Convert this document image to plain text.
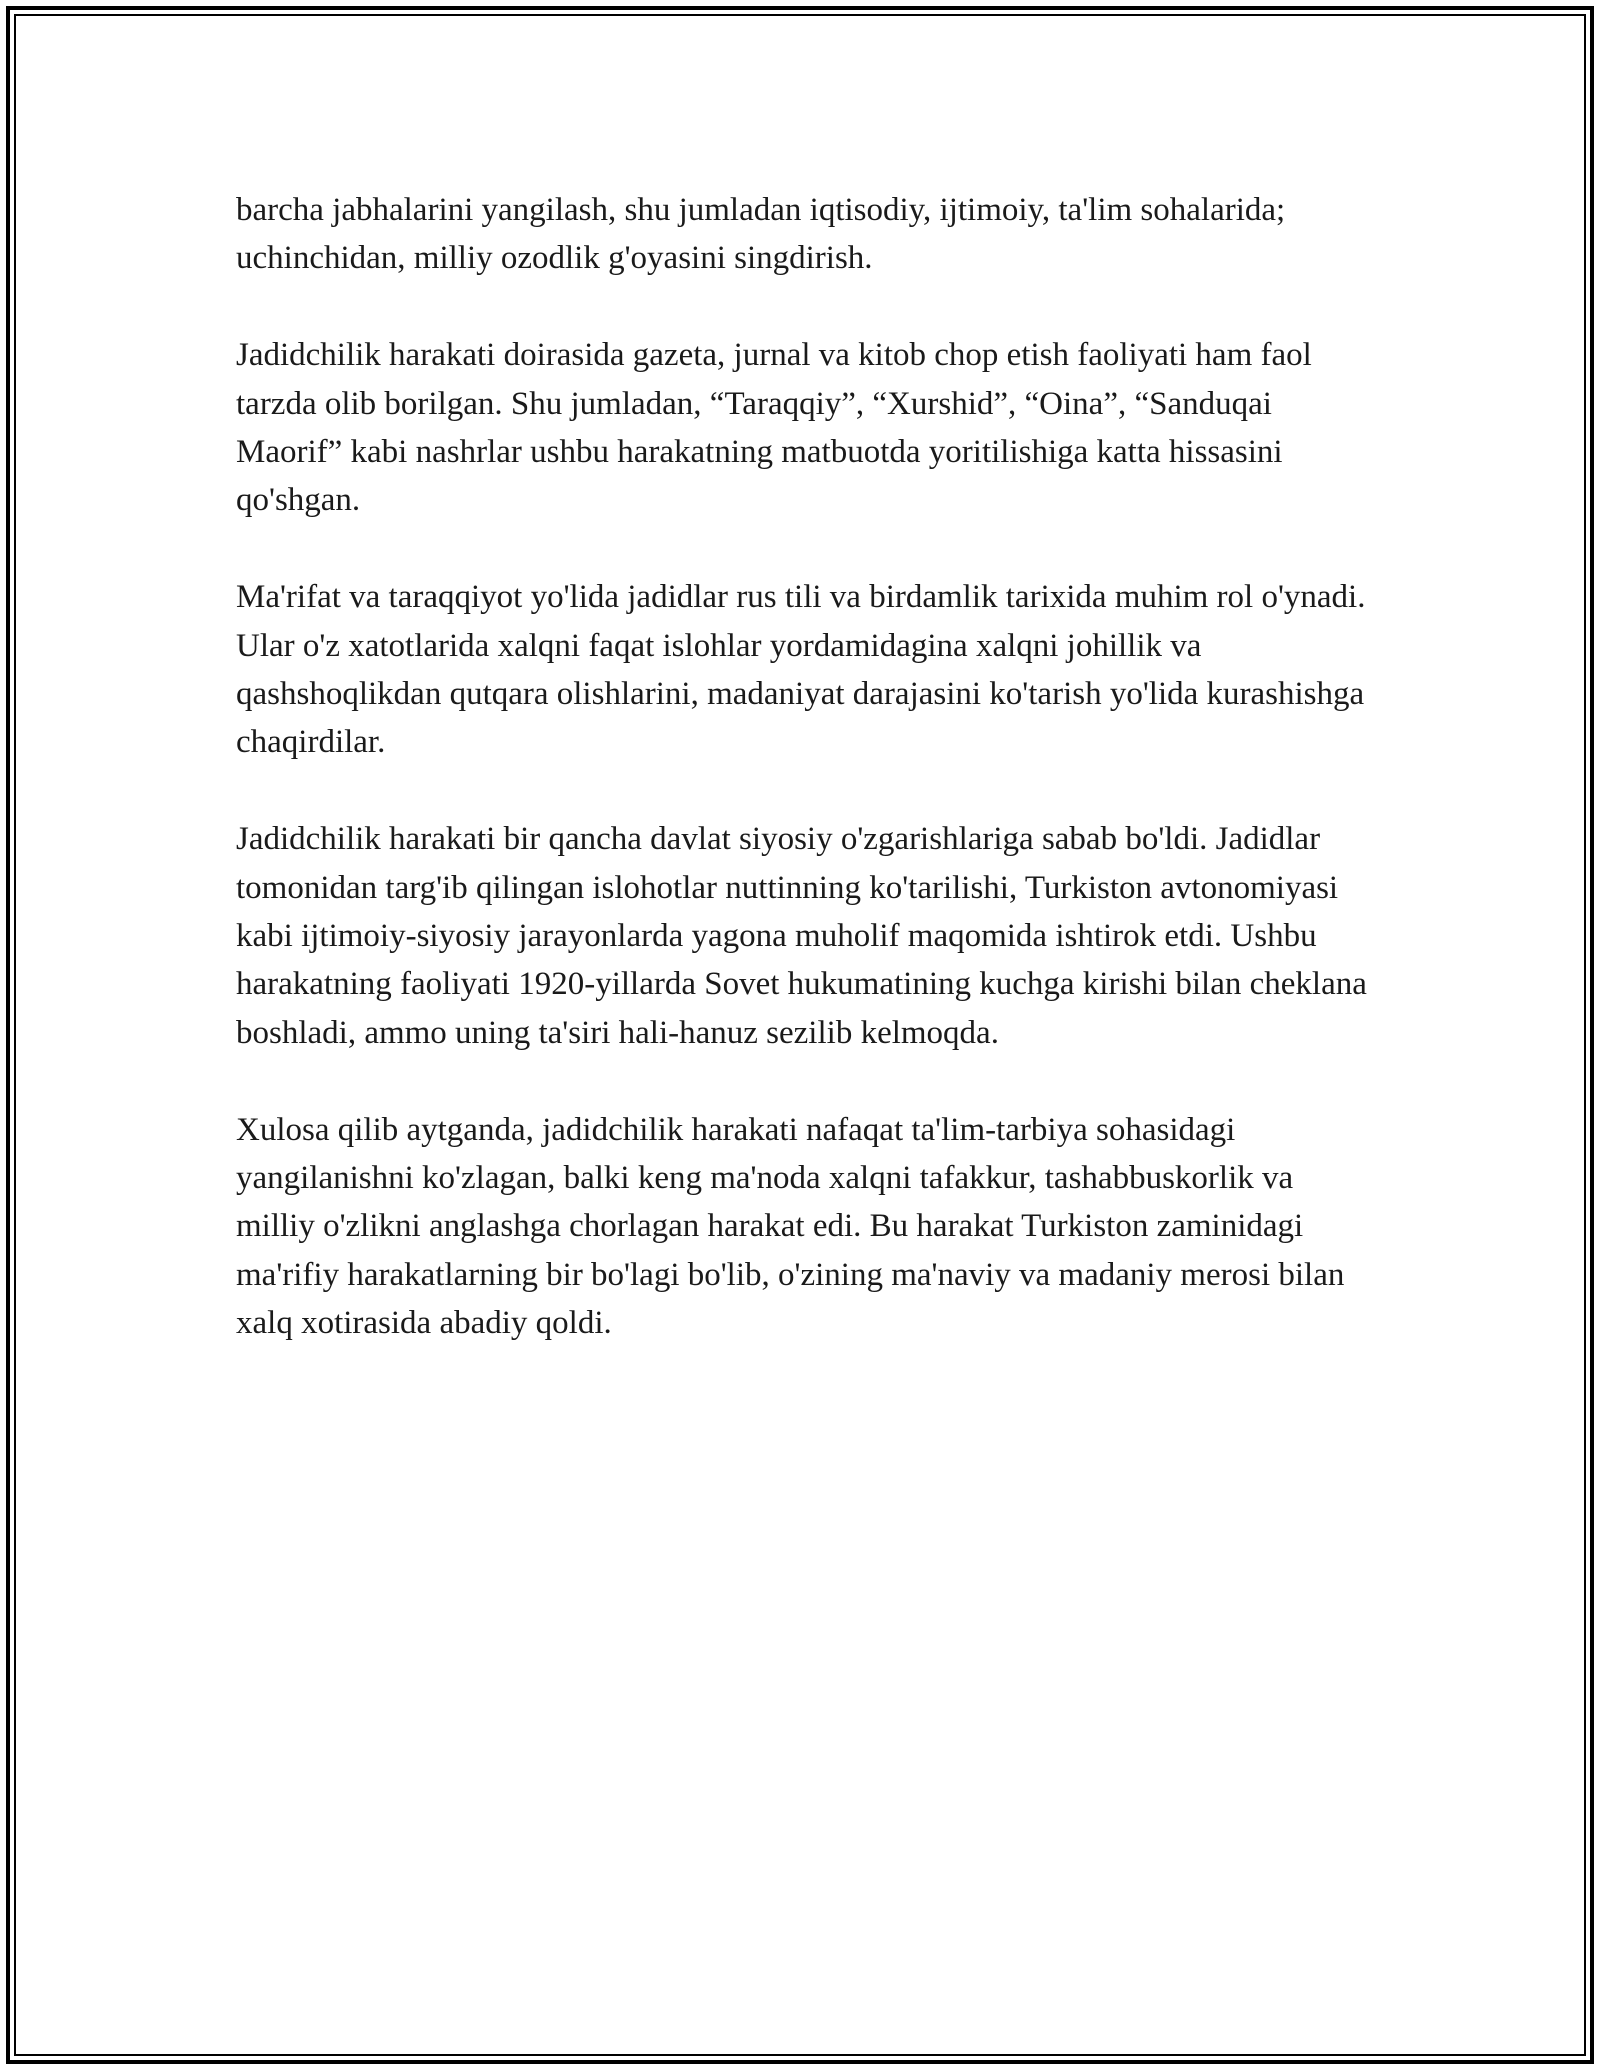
barcha jabhalarini yangilash, shu jumladan iqtisodiy, ijtimoiy, ta'lim sohalarida; uchinchidan, milliy ozodlik g'oyasini singdirish.

Jadidchilik harakati doirasida gazeta, jurnal va kitob chop etish faoliyati ham faol tarzda olib borilgan. Shu jumladan, “Taraqqiy”, “Xurshid”, “Oina”, “Sanduqai Maorif” kabi nashrlar ushbu harakatning matbuotda yoritilishiga katta hissasini qo'shgan.

Ma'rifat va taraqqiyot yo'lida jadidlar rus tili va birdamlik tarixida muhim rol o'ynadi. Ular o'z xatotlarida xalqni faqat islohlar yordamidagina xalqni johillik va qashshoqlikdan qutqara olishlarini, madaniyat darajasini ko'tarish yo'lida kurashishga chaqirdilar.

Jadidchilik harakati bir qancha davlat siyosiy o'zgarishlariga sabab bo'ldi. Jadidlar tomonidan targ'ib qilingan islohotlar nuttinning ko'tarilishi, Turkiston avtonomiyasi kabi ijtimoiy-siyosiy jarayonlarda yagona muholif maqomida ishtirok etdi. Ushbu harakatning faoliyati 1920-yillarda Sovet hukumatining kuchga kirishi bilan cheklana boshladi, ammo uning ta'siri hali-hanuz sezilib kelmoqda.

Xulosa qilib aytganda, jadidchilik harakati nafaqat ta'lim-tarbiya sohasidagi yangilanishni ko'zlagan, balki keng ma'noda xalqni tafakkur, tashabbuskorlik va milliy o'zlikni anglashga chorlagan harakat edi. Bu harakat Turkiston zaminidagi ma'rifiy harakatlarning bir bo'lagi bo'lib, o'zining ma'naviy va madaniy merosi bilan xalq xotirasida abadiy qoldi.
